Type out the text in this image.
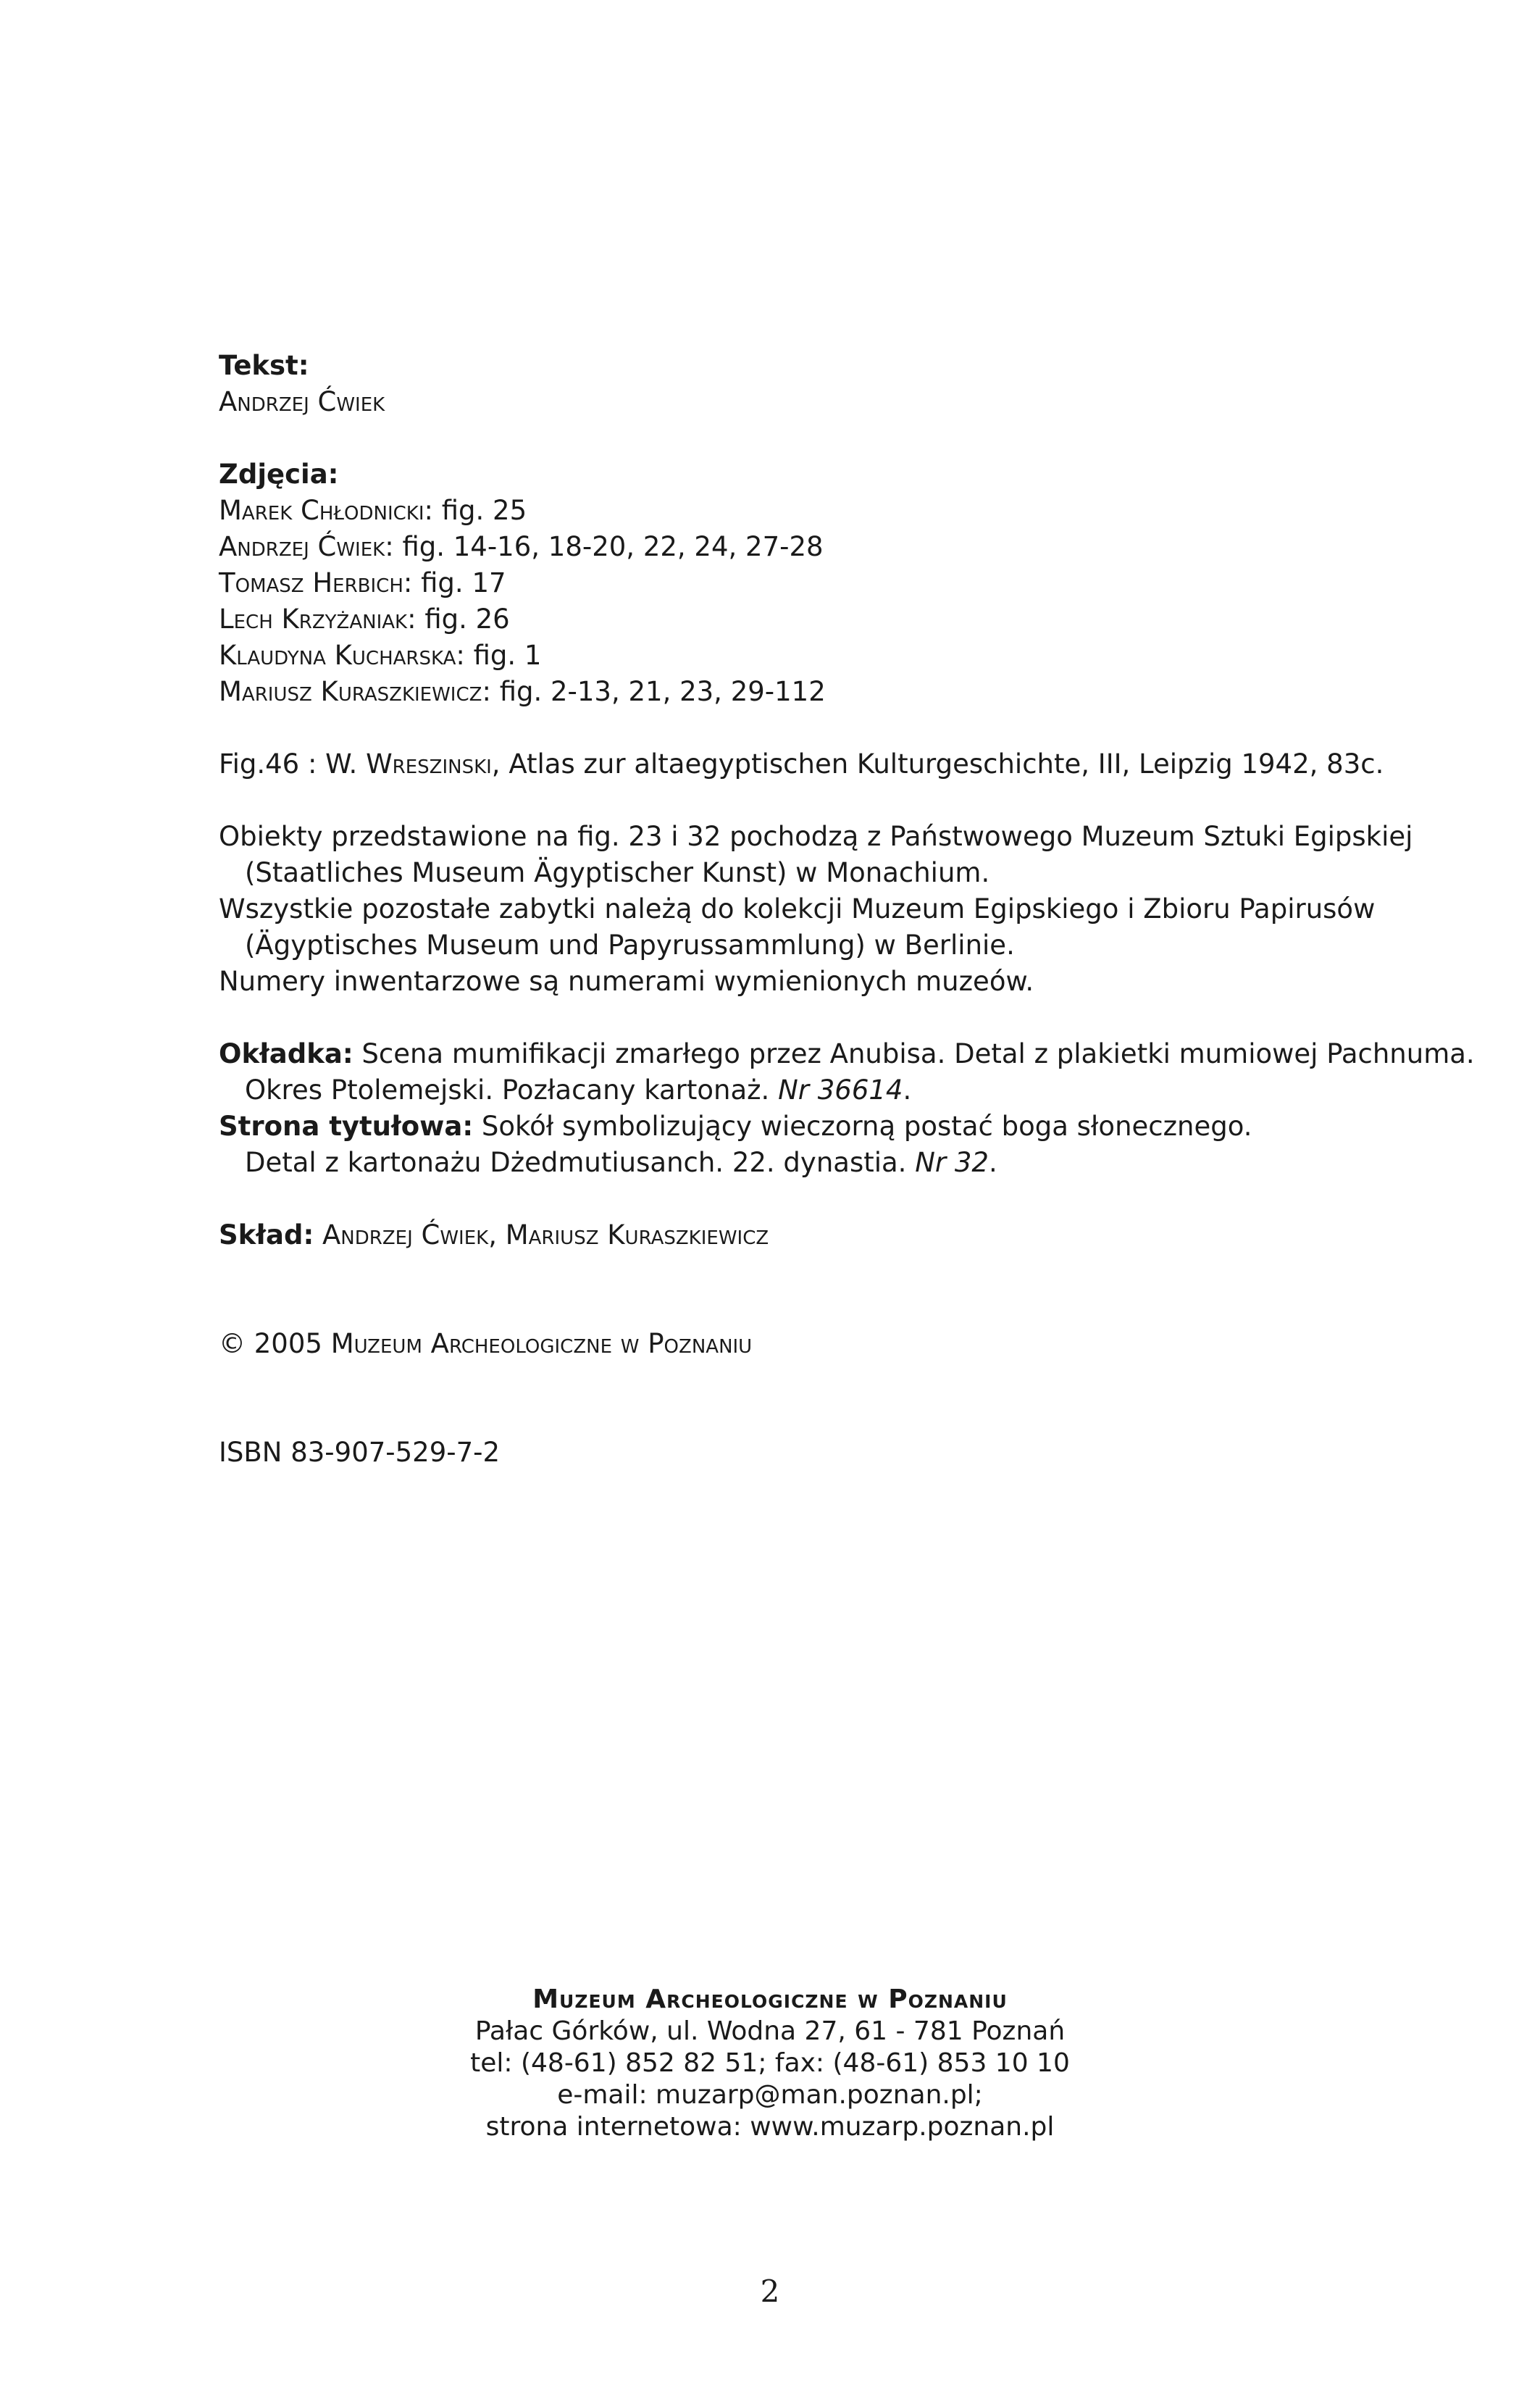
Tekst:
Andrzej Ćwiek
Zdjęcia:
Marek Chłodnicki: fig. 25
Andrzej Ćwiek: fig. 14-16, 18-20, 22, 24, 27-28
Tomasz Herbich: fig. 17
Lech Krzyżaniak: fig. 26
Klaudyna Kucharska: fig. 1
Mariusz Kuraszkiewicz: fig. 2-13, 21, 23, 29-112
Fig.46 : W. Wreszinski, Atlas zur altaegyptischen Kulturgeschichte, III, Leipzig 1942, 83c.
Obiekty przedstawione na fig. 23 i 32 pochodzą z Państwowego Muzeum Sztuki Egipskiej
(Staatliches Museum Ägyptischer Kunst) w Monachium.
Wszystkie pozostałe zabytki należą do kolekcji Muzeum Egipskiego i Zbioru Papirusów
(Ägyptisches Museum und Papyrussammlung) w Berlinie.
Numery inwentarzowe są numerami wymienionych muzeów.
Okładka: Scena mumifikacji zmarłego przez Anubisa. Detal z plakietki mumiowej Pachnuma.
Okres Ptolemejski. Pozłacany kartonaż. Nr 36614.
Strona tytułowa: Sokół symbolizujący wieczorną postać boga słonecznego.
Detal z kartonażu Dżedmutiusanch. 22. dynastia. Nr 32.
Skład: Andrzej Ćwiek, Mariusz Kuraszkiewicz
© 2005 Muzeum Archeologiczne w Poznaniu
ISBN 83-907-529-7-2
Muzeum Archeologiczne w Poznaniu
Pałac Górków, ul. Wodna 27, 61 - 781 Poznań
tel: (48-61) 852 82 51; fax: (48-61) 853 10 10
e-mail: muzarp@man.poznan.pl;
strona internetowa: www.muzarp.poznan.pl
2
